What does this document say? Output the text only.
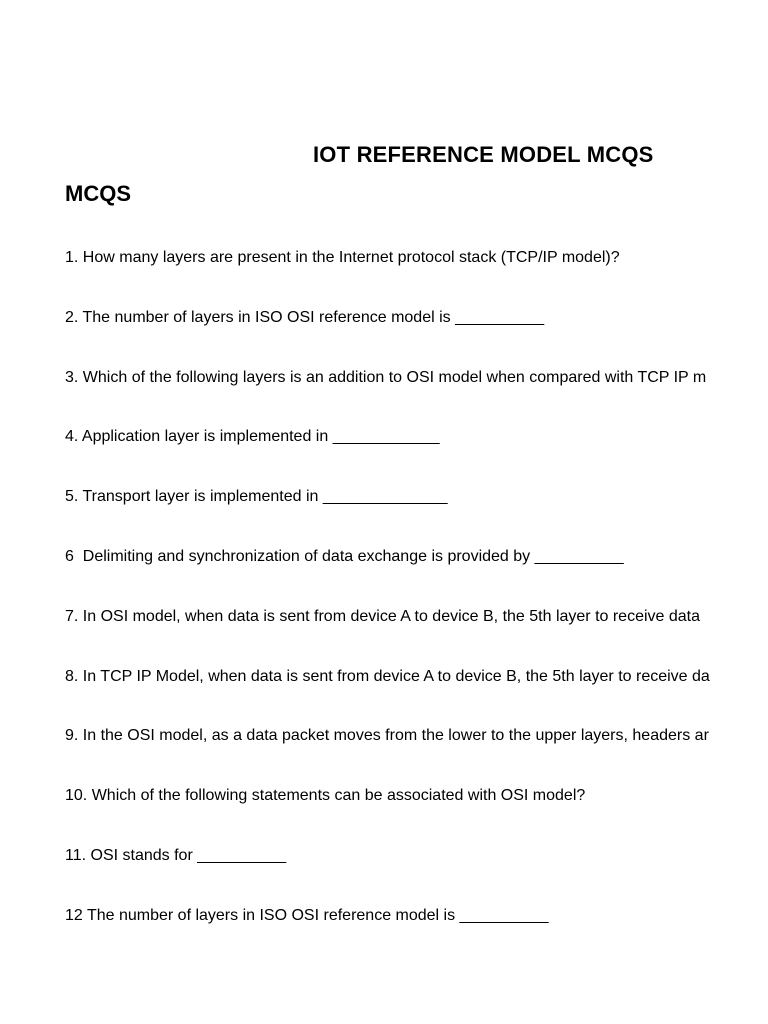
IOT REFERENCE MODEL MCQS
MCQS
1. How many layers are present in the Internet protocol stack (TCP/IP model)?
2. The number of layers in ISO OSI reference model is __________
3. Which of the following layers is an addition to OSI model when compared with TCP IP m
4. Application layer is implemented in ____________
5. Transport layer is implemented in ______________
6  Delimiting and synchronization of data exchange is provided by __________
7. In OSI model, when data is sent from device A to device B, the 5th layer to receive data
8. In TCP IP Model, when data is sent from device A to device B, the 5th layer to receive da
9. In the OSI model, as a data packet moves from the lower to the upper layers, headers ar
10. Which of the following statements can be associated with OSI model?
11. OSI stands for __________
12 The number of layers in ISO OSI reference model is __________
